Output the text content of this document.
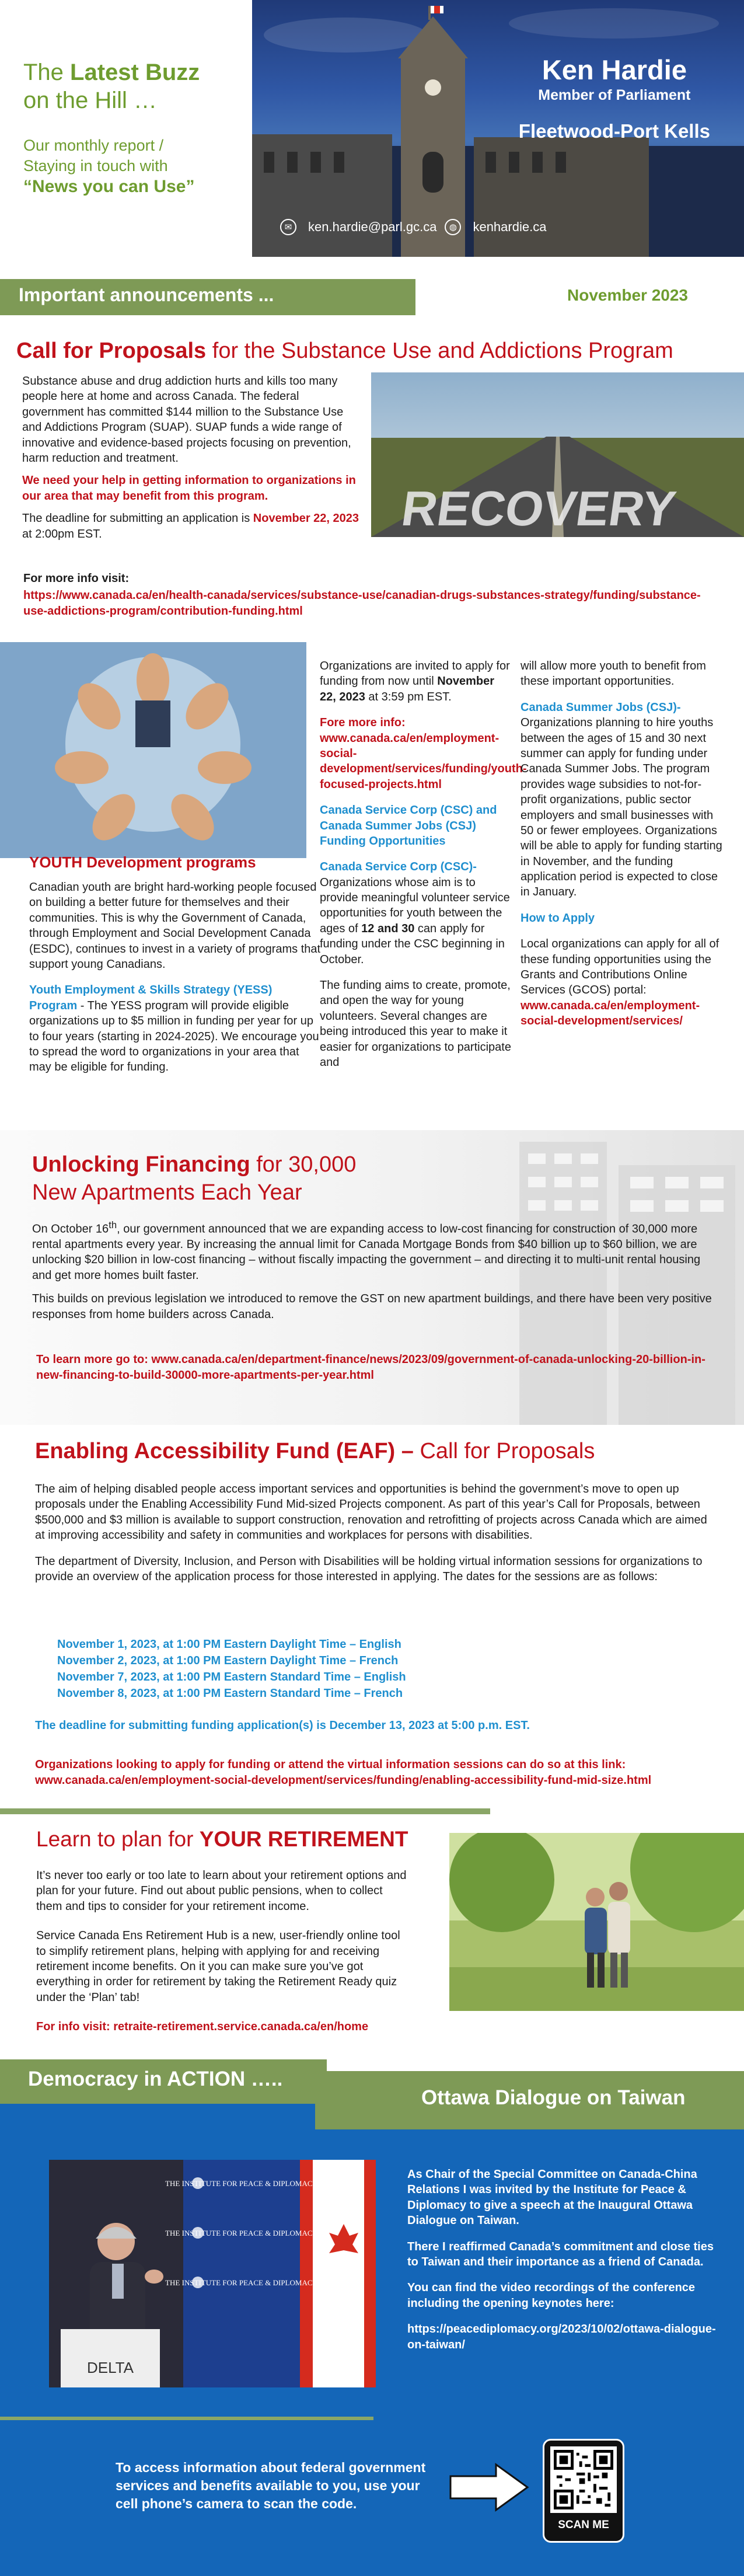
The Latest Buzz
on the Hill …
Our monthly report /
Staying in touch with
“News you can Use”
Ken Hardie
Member of Parliament
Fleetwood-Port Kells
✉	ken.hardie@parl.gc.ca	◍	kenhardie.ca
Important announcements ...	November 2023
Call for Proposals for the Substance Use and Addictions Program

Substance abuse and drug addiction hurts and kills too many people here at home and across Canada. The federal government has committed $144 million to the Substance Use and Addictions Program (SUAP). SUAP funds a wide range of innovative and evidence-based projects focusing on prevention, harm reduction and treatment.

We need your help in getting information to organizations in our area that may benefit from this program.

The deadline for submitting an application is November 22, 2023 at 2:00pm EST.	RECOVERY
For more info visit:
https://www.canada.ca/en/health-canada/services/substance-use/canadian-drugs-substances-strategy/funding/substance-use-addictions-program/contribution-funding.html
YOUTH Development programs

Canadian youth are bright hard-working people focused on building a better future for themselves and their communities. This is why the Government of Canada, through Employment and Social Development Canada (ESDC), continues to invest in a variety of programs that support young Canadians.

Youth Employment & Skills Strategy (YESS) Program - The YESS program will provide eligible organizations up to $5 million in funding per year for up to four years (starting in 2024-2025). We encourage you to spread the word to organizations in your area that may be eligible for funding.

Organizations are invited to apply for funding from now until November 22, 2023 at 3:59 pm EST.

Fore more info:
www.canada.ca/en/employment-social-development/services/funding/youth-focused-projects.html

Canada Service Corp (CSC) and Canada Summer Jobs (CSJ) Funding Opportunities

Canada Service Corp (CSC)- Organizations whose aim is to provide meaningful volunteer service opportunities for youth between the ages of 12 and 30 can apply for funding under the CSC beginning in October.

The funding aims to create, promote, and open the way for young volunteers. Several changes are being introduced this year to make it easier for organizations to participate and

will allow more youth to benefit from these important opportunities.

Canada Summer Jobs (CSJ)- Organizations planning to hire youths between the ages of 15 and 30 next summer can apply for funding under Canada Summer Jobs. The program provides wage subsidies to not-for-profit organizations, public sector employers and small businesses with 50 or fewer employees. Organizations will be able to apply for funding starting in November, and the funding application period is expected to close in January.

How to Apply

Local organizations can apply for all of these funding opportunities using the Grants and Contributions Online Services (GCOS) portal:
www.canada.ca/en/employment-social-development/services/

Unlocking Financing for 30,000
New Apartments Each Year

On October 16th, our government announced that we are expanding access to low-cost financing for construction of 30,000 more rental apartments every year. By increasing the annual limit for Canada Mortgage Bonds from $40 billion up to $60 billion, we are unlocking $20 billion in low-cost financing – without fiscally impacting the government – and directing it to multi-unit rental housing and get more homes built faster.

This builds on previous legislation we introduced to remove the GST on new apartment buildings, and there have been very positive responses from home builders across Canada.

To learn more go to: www.canada.ca/en/department-finance/news/2023/09/government-of-canada-unlocking-20-billion-in-new-financing-to-build-30000-more-apartments-per-year.html
Enabling Accessibility Fund (EAF) – Call for Proposals

The aim of helping disabled people access important services and opportunities is behind the government’s move to open up proposals under the Enabling Accessibility Fund Mid-sized Projects component. As part of this year’s Call for Proposals, between $500,000 and $3 million is available to support construction, renovation and retrofitting of projects across Canada which are aimed at improving accessibility and safety in communities and workplaces for persons with disabilities.

The department of Diversity, Inclusion, and Person with Disabilities will be holding virtual information sessions for organizations to provide an overview of the application process for those interested in applying. The dates for the sessions are as follows:

November 1, 2023, at 1:00 PM Eastern Daylight Time – English
November 2, 2023, at 1:00 PM Eastern Daylight Time – French
November 7, 2023, at 1:00 PM Eastern Standard Time – English
November 8, 2023, at 1:00 PM Eastern Standard Time – French
The deadline for submitting funding application(s) is December 13, 2023 at 5:00 p.m. EST.
Organizations looking to apply for funding or attend the virtual information sessions can do so at this link: www.canada.ca/en/employment-social-development/services/funding/enabling-accessibility-fund-mid-size.html
Learn to plan for YOUR RETIREMENT

It’s never too early or too late to learn about your retirement options and plan for your future. Find out about public pensions, when to collect them and tips to consider for your retirement income.

Service Canada Ens Retirement Hub is a new, user-friendly online tool to simplify retirement plans, helping with applying for and receiving retirement income benefits. On it you can make sure you’ve got everything in order for retirement by taking the Retirement Ready quiz under the ‘Plan’ tab!

For info visit: retraite-retirement.service.canada.ca/en/home

Ottawa Dialogue on Taiwan
Democracy in ACTION …..
THE INSTITUTE FOR PEACE & DIPLOMACY
THE INSTITUTE FOR PEACE & DIPLOMACY
THE INSTITUTE FOR PEACE & DIPLOMACY
DELTA

As Chair of the Special Committee on Canada-China Relations I was invited by the Institute for Peace & Diplomacy to give a speech at the Inaugural Ottawa Dialogue on Taiwan.

There I reaffirmed Canada’s commitment and close ties to Taiwan and their importance as a friend of Canada.

You can find the video recordings of the conference including the opening keynotes here:

https://peacediplomacy.org/2023/10/02/ottawa-dialogue-on-taiwan/

To access information about federal government services and benefits available to you, use your cell phone’s camera to scan the code.
SCAN ME
